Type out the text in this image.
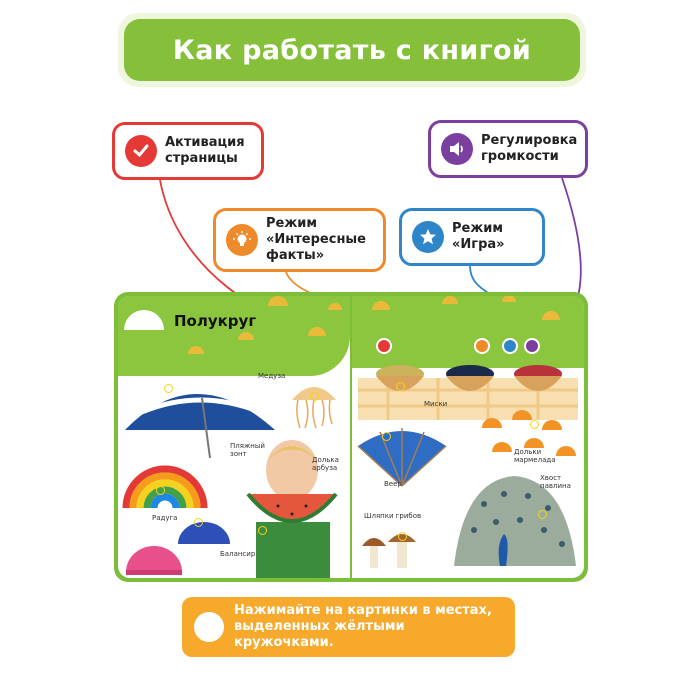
Как работать с книгой
Активация
страницы
Регулировка
громкости
Режим
«Интересные
факты»
Режим
«Игра»
Полукруг
Пляжный
зонт
Медуза
Долька
арбуза
Радуга
Балансир
Миски
Веер
Дольки
мармелада
Хвост
павлина
Шляпки грибов
Нажимайте на картинки в местах,
выделенных жёлтыми кружочками.
